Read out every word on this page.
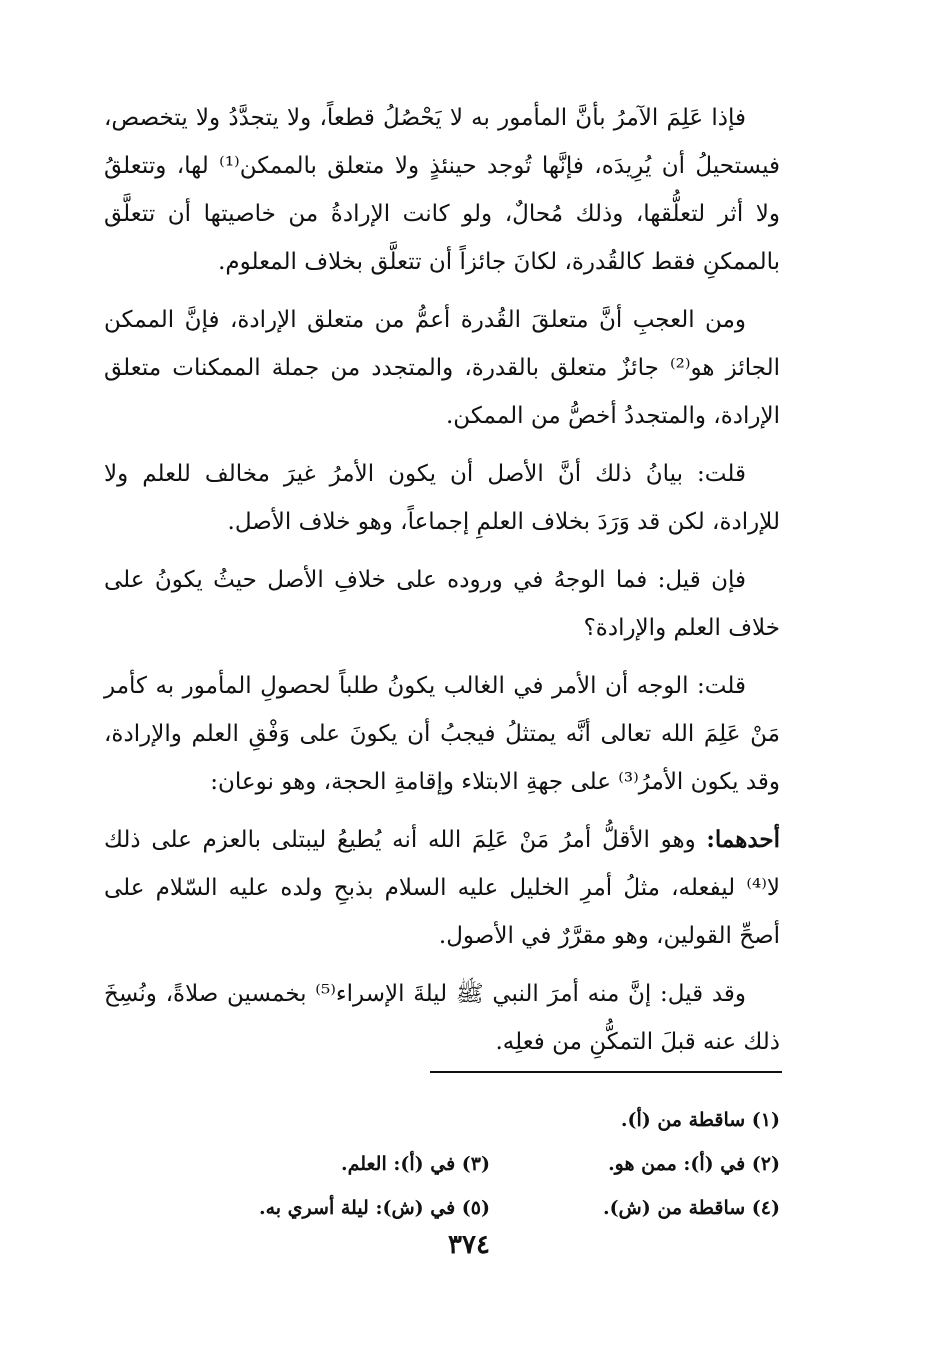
فإذا عَلِمَ الآمرُ بأنَّ المأمور به لا يَحْصُلُ قطعاً، ولا يتجدَّدُ ولا يتخصص، فيستحيلُ أن يُرِيدَه، فإنَّها تُوجد حينئذٍ ولا متعلق بالممكن⁽¹⁾ لها، وتتعلقُ ولا أثر لتعلُّقها، وذلك مُحالٌ، ولو كانت الإرادةُ من خاصيتها أن تتعلَّق بالممكنِ فقط كالقُدرة، لكانَ جائزاً أن تتعلَّق بخلاف المعلوم.

ومن العجبِ أنَّ متعلقَ القُدرة أعمُّ من متعلق الإرادة، فإنَّ الممكن الجائز هو⁽²⁾ جائزٌ متعلق بالقدرة، والمتجدد من جملة الممكنات متعلق الإرادة، والمتجددُ أخصُّ من الممكن.

قلت: بيانُ ذلك أنَّ الأصل أن يكون الأمرُ غيرَ مخالف للعلم ولا للإرادة، لكن قد وَرَدَ بخلاف العلمِ إجماعاً، وهو خلاف الأصل.

فإن قيل: فما الوجهُ في وروده على خلافِ الأصل حيثُ يكونُ على خلاف العلم والإرادة؟

قلت: الوجه أن الأمر في الغالب يكونُ طلباً لحصولِ المأمور به كأمر مَنْ عَلِمَ الله تعالى أنَّه يمتثلُ فيجبُ أن يكونَ على وَفْقِ العلم والإرادة، وقد يكون الأمرُ⁽³⁾ على جهةِ الابتلاء وإقامةِ الحجة، وهو نوعان:

أحدهما: وهو الأقلُّ أمرُ مَنْ عَلِمَ الله أنه يُطيعُ ليبتلى بالعزم على ذلك لا⁽⁴⁾ ليفعله، مثلُ أمرِ الخليل عليه السلام بذبحِ ولده عليه السّلام على أصحِّ القولين، وهو مقرَّرٌ في الأصول.

وقد قيل: إنَّ منه أمرَ النبي ﷺ ليلةَ الإسراء⁽⁵⁾ بخمسين صلاةً، ونُسِخَ ذلك عنه قبلَ التمكُّنِ من فعلِه.

(١) ساقطة من (أ).
(٢) في (أ): ممن هو.
(٣) في (أ): العلم.
(٤) ساقطة من (ش).
(٥) في (ش): ليلة أسري به.
٣٧٤
